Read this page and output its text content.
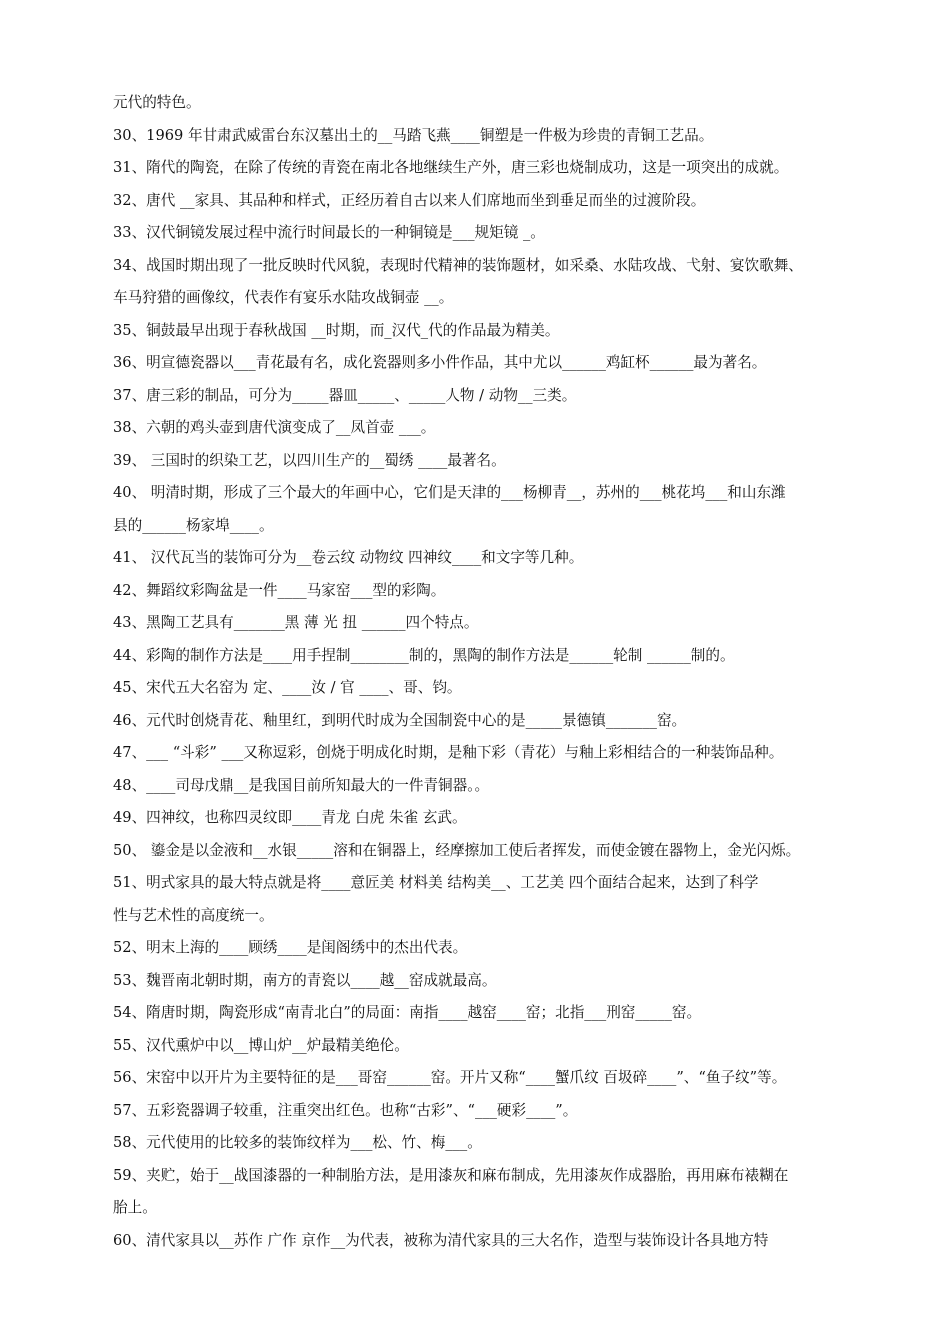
元代的特色。
30、1969 年甘肃武威雷台东汉墓出土的__马踏飞燕____铜塑是一件极为珍贵的青铜工艺品。
31、隋代的陶瓷，在除了传统的青瓷在南北各地继续生产外，唐三彩也烧制成功，这是一项突出的成就。
32、唐代 __家具、其品种和样式，正经历着自古以来人们席地而坐到垂足而坐的过渡阶段。
33、汉代铜镜发展过程中流行时间最长的一种铜镜是___规矩镜 _。
34、战国时期出现了一批反映时代风貌，表现时代精神的装饰题材，如采桑、水陆攻战、弋射、宴饮歌舞、
车马狩猎的画像纹，代表作有宴乐水陆攻战铜壶 __。
35、铜鼓最早出现于春秋战国 __时期，而_汉代_代的作品最为精美。
36、明宣德瓷器以___青花最有名，成化瓷器则多小件作品，其中尤以______鸡缸杯______最为著名。
37、唐三彩的制品，可分为_____器皿_____、_____人物 / 动物__三类。
38、六朝的鸡头壶到唐代演变成了__凤首壶 ___。
39、 三国时的织染工艺，以四川生产的__蜀绣 ____最著名。
40、 明清时期，形成了三个最大的年画中心，它们是天津的___杨柳青__，苏州的___桃花坞___和山东潍
县的______杨家埠____。
41、 汉代瓦当的装饰可分为__卷云纹 动物纹 四神纹____和文字等几种。
42、舞蹈纹彩陶盆是一件____马家窑___型的彩陶。
43、黑陶工艺具有_______黑 薄 光 扭 ______四个特点。
44、彩陶的制作方法是____用手捏制________制的，黑陶的制作方法是______轮制 ______制的。
45、宋代五大名窑为 定、____汝 / 官 ____、哥、钧。
46、元代时创烧青花、釉里红，到明代时成为全国制瓷中心的是_____景德镇_______窑。
47、___ “斗彩” ___又称逗彩，创烧于明成化时期，是釉下彩（青花）与釉上彩相结合的一种装饰品种。
48、____司母戊鼎__是我国目前所知最大的一件青铜器。。
49、四神纹，也称四灵纹即____青龙 白虎 朱雀 玄武。
50、 鎏金是以金液和__水银_____溶和在铜器上，经摩擦加工使后者挥发，而使金镀在器物上，金光闪烁。
51、明式家具的最大特点就是将____意匠美 材料美 结构美__、工艺美 四个面结合起来，达到了科学
性与艺术性的高度统一。
52、明末上海的____顾绣____是闺阁绣中的杰出代表。
53、魏晋南北朝时期，南方的青瓷以____越__窑成就最高。
54、隋唐时期，陶瓷形成“南青北白”的局面：南指____越窑____窑；北指___刑窑_____窑。
55、汉代熏炉中以__博山炉__炉最精美绝伦。
56、宋窑中以开片为主要特征的是___哥窑______窑。开片又称“____蟹爪纹 百圾碎____”、“鱼子纹”等。
57、五彩瓷器调子较重，注重突出红色。也称“古彩”、“___硬彩____”。
58、元代使用的比较多的装饰纹样为___松、竹、梅___。
59、夹贮，始于__战国漆器的一种制胎方法，是用漆灰和麻布制成，先用漆灰作成器胎，再用麻布裱糊在
胎上。
60、清代家具以__苏作 广作 京作__为代表，被称为清代家具的三大名作，造型与装饰设计各具地方特
